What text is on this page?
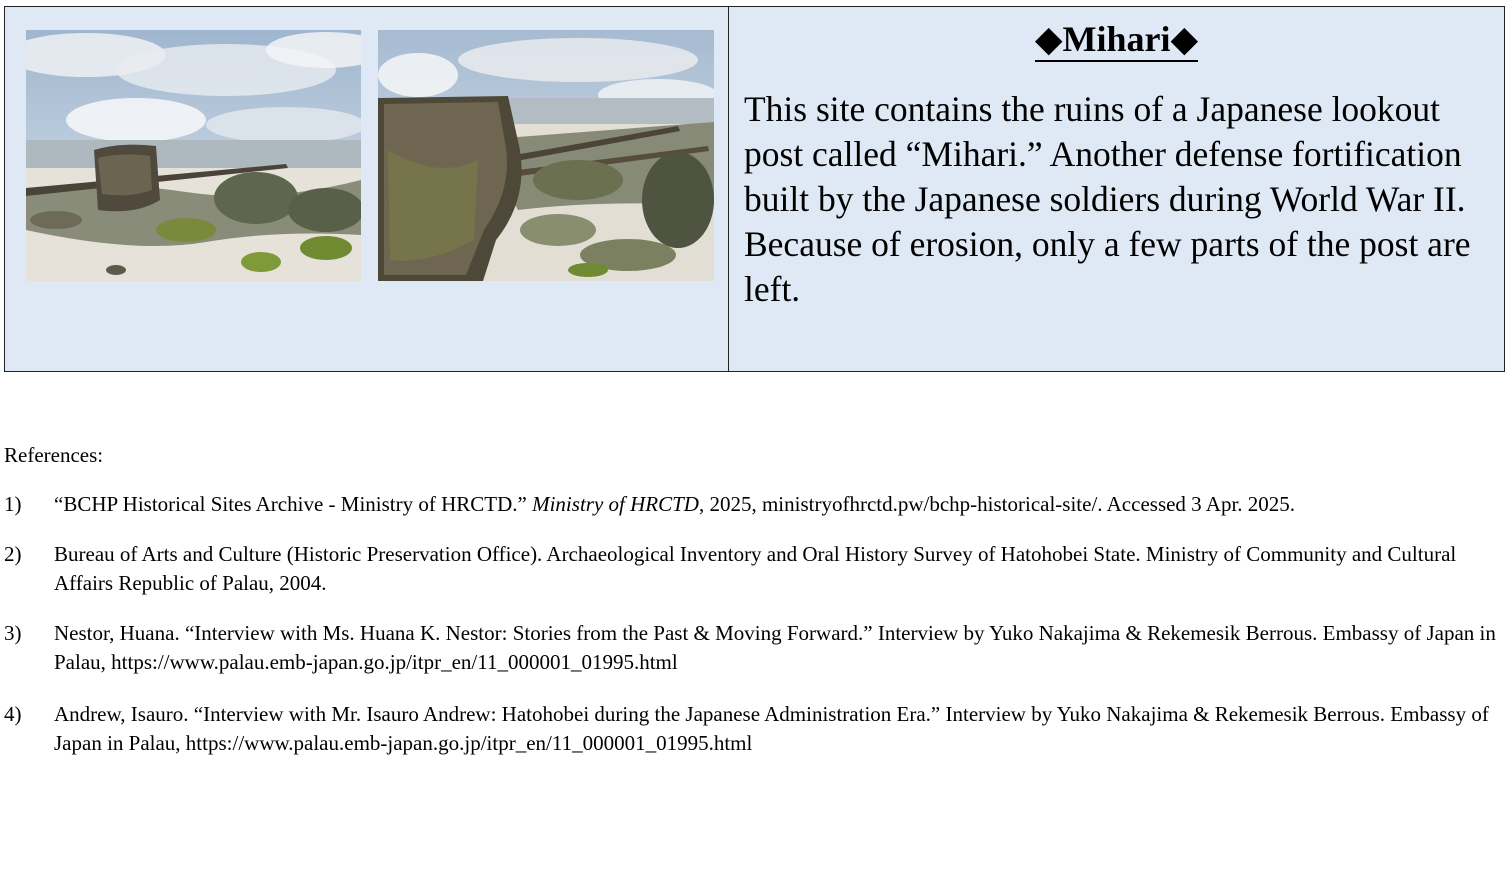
◆Mihari◆

This site contains the ruins of a Japanese lookout post called “Mihari.” Another defense fortification built by the Japanese soldiers during World War II. Because of erosion, only a few parts of the post are left.

References:

1) “BCHP Historical Sites Archive - Ministry of HRCTD.” Ministry of HRCTD, 2025, ministryofhrctd.pw/bchp-historical-site/. Accessed 3 Apr. 2025.
2) Bureau of Arts and Culture (Historic Preservation Office). Archaeological Inventory and Oral History Survey of Hatohobei State. Ministry of Community and Cultural Affairs Republic of Palau, 2004.
3) Nestor, Huana. “Interview with Ms. Huana K. Nestor: Stories from the Past & Moving Forward.” Interview by Yuko Nakajima & Rekemesik Berrous. Embassy of Japan in Palau, https://www.palau.emb-japan.go.jp/itpr_en/11_000001_01995.html
4) Andrew, Isauro. “Interview with Mr. Isauro Andrew: Hatohobei during the Japanese Administration Era.” Interview by Yuko Nakajima & Rekemesik Berrous. Embassy of Japan in Palau, https://www.palau.emb-japan.go.jp/itpr_en/11_000001_01995.html
